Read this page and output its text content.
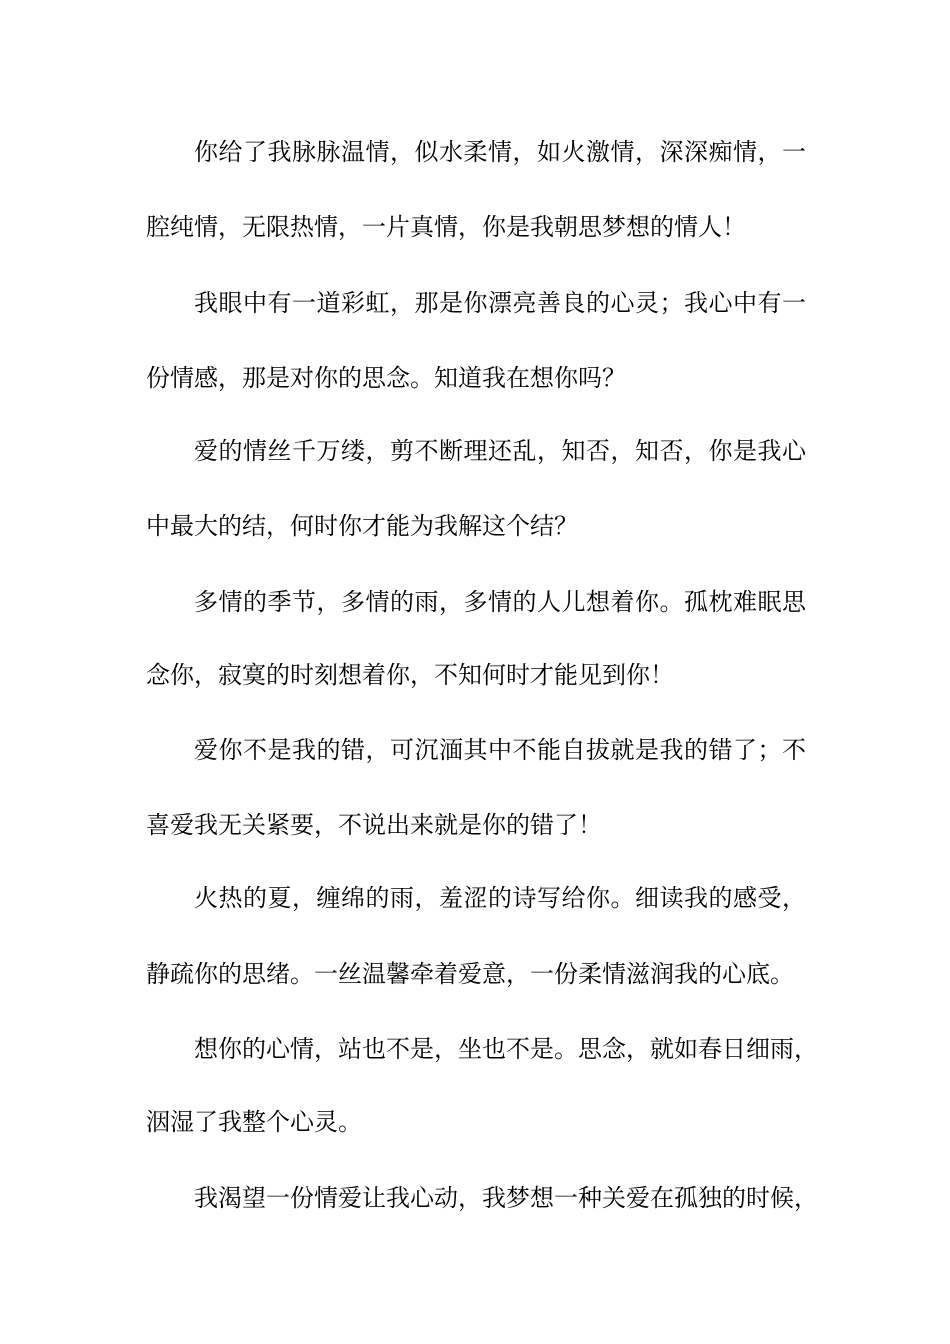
你给了我脉脉温情，似水柔情，如火激情，深深痴情，一
腔纯情，无限热情，一片真情，你是我朝思梦想的情人！
我眼中有一道彩虹，那是你漂亮善良的心灵；我心中有一
份情感，那是对你的思念。知道我在想你吗？
爱的情丝千万缕，剪不断理还乱，知否，知否，你是我心
中最大的结，何时你才能为我解这个结？
多情的季节，多情的雨，多情的人儿想着你。孤枕难眠思
念你，寂寞的时刻想着你，不知何时才能见到你！
爱你不是我的错，可沉湎其中不能自拔就是我的错了；不
喜爱我无关紧要，不说出来就是你的错了！
火热的夏，缠绵的雨，羞涩的诗写给你。细读我的感受，
静疏你的思绪。一丝温馨牵着爱意，一份柔情滋润我的心底。
想你的心情，站也不是，坐也不是。思念，就如春日细雨，
洇湿了我整个心灵。
我渴望一份情爱让我心动，我梦想一种关爱在孤独的时候，
